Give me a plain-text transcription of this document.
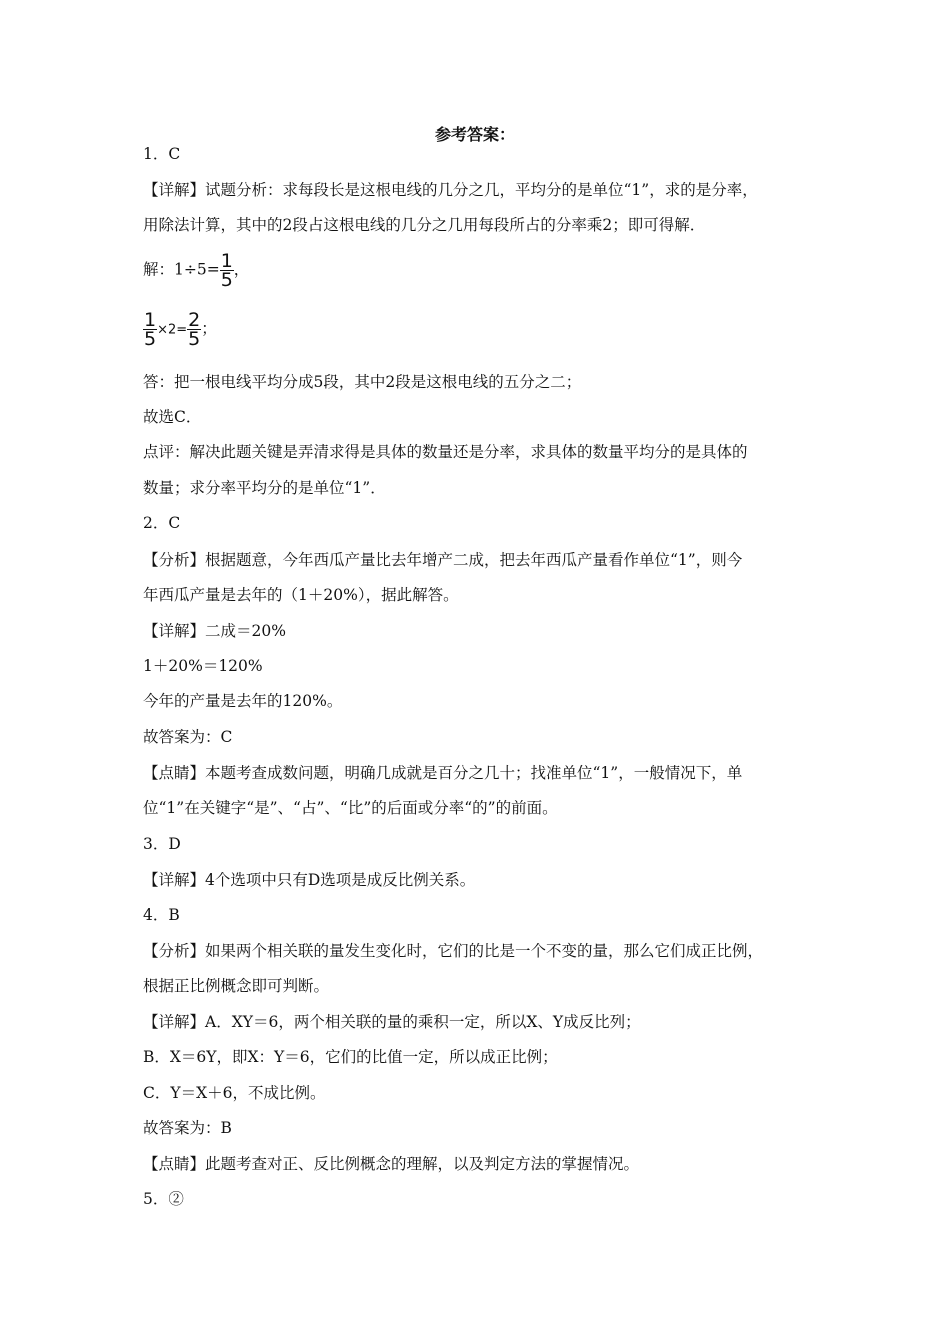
参考答案：
1．C
【详解】试题分析：求每段长是这根电线的几分之几，平均分的是单位“1”，求的是分率，
用除法计算，其中的2段占这根电线的几分之几用每段所占的分率乘2；即可得解．
解：$1\div 5= \frac{1}{5}$ ，
$\frac{1}{5} \times 2= \frac{2}{5}$ ；
答：把一根电线平均分成5段，其中2段是这根电线的五分之二；
故选C．
点评：解决此题关键是弄清求得是具体的数量还是分率，求具体的数量平均分的是具体的
数量；求分率平均分的是单位“1”．
2．C
【分析】根据题意，今年西瓜产量比去年增产二成，把去年西瓜产量看作单位“1”，则今
年西瓜产量是去年的（1＋20%），据此解答。
【详解】二成＝20%
1＋20%＝120%
今年的产量是去年的120%。
故答案为：C
【点睛】本题考查成数问题，明确几成就是百分之几十；找准单位“1”，一般情况下，单
位“1”在关键字“是”、“占”、“比”的后面或分率“的”的前面。
3．D
【详解】4个选项中只有D选项是成反比例关系。
4．B
【分析】如果两个相关联的量发生变化时，它们的比是一个不变的量，那么它们成正比例，
根据正比例概念即可判断。
【详解】A．XY＝6，两个相关联的量的乘积一定，所以X、Y成反比列；
B．X＝6Y，即X：Y＝6，它们的比值一定，所以成正比例；
C．Y＝X＋6，不成比例。
故答案为：B
【点睛】此题考查对正、反比例概念的理解，以及判定方法的掌握情况。
5．②
